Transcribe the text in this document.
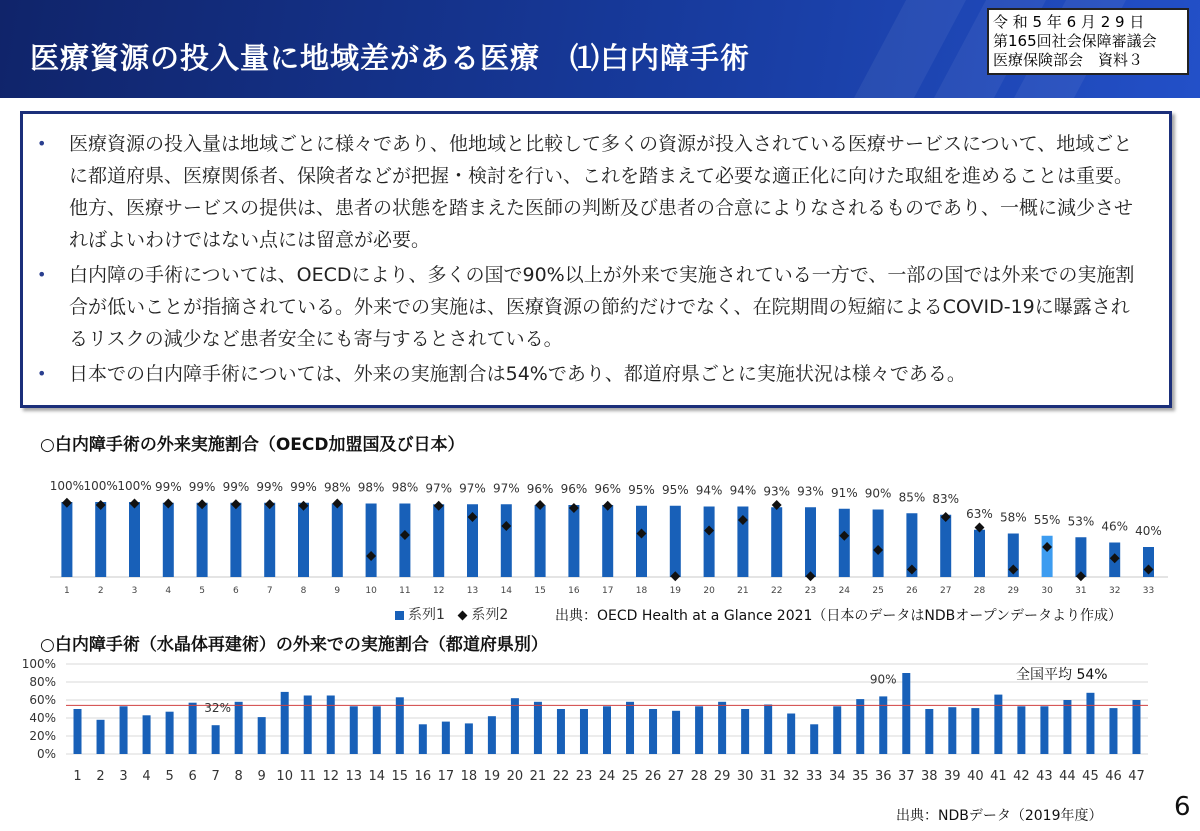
医療資源の投入量に地域差がある医療　⑴白内障手術
令 和 5 年 6 月 2 9 日
第165回社会保障審議会
医療保険部会　資料３
• 医療資源の投入量は地域ごとに様々であり、他地域と比較して多くの資源が投入されている医療サービスについて、地域ごとに都道府県、医療関係者、保険者などが把握・検討を行い、これを踏まえて必要な適正化に向けた取組を進めることは重要。他方、医療サービスの提供は、患者の状態を踏まえた医師の判断及び患者の合意によりなされるものであり、一概に減少させればよいわけではない点には留意が必要。
• 白内障の手術については、OECDにより、多くの国で90%以上が外来で実施されている一方で、一部の国では外来での実施割合が低いことが指摘されている。外来での実施は、医療資源の節約だけでなく、在院期間の短縮によるCOVID-19に曝露されるリスクの減少など患者安全にも寄与するとされている。
• 日本での白内障手術については、外来の実施割合は54%であり、都道府県ごとに実施状況は様々である。
○白内障手術の外来実施割合（OECD加盟国及び日本）
100%
1
100%
2
100%
3
99%
4
99%
5
99%
6
99%
7
99%
8
98%
9
98%
10
98%
11
97%
12
97%
13
97%
14
96%
15
96%
16
96%
17
95%
18
95%
19
94%
20
94%
21
93%
22
93%
23
91%
24
90%
25
85%
26
83%
27
63%
28
58%
29
55%
30
53%
31
46%
32
40%
33
系列1 系列2	出典：OECD Health at a Glance 2021（日本のデータはNDBオープンデータより作成）
○白内障手術（水晶体再建術）の外来での実施割合（都道府県別）
0%
20%
40%
60%
80%
100%
1 2 3 4 5 6 7 8 9 10 11 12 13 14 15 16 17 18 19 20 21 22 23 24 25 26 27 28 29 30 31 32 33 34 35 36 37 38 39 40 41 42 43 44 45 46 47
32%
90%	全国平均 54%
出典：NDBデータ（2019年度）	6
